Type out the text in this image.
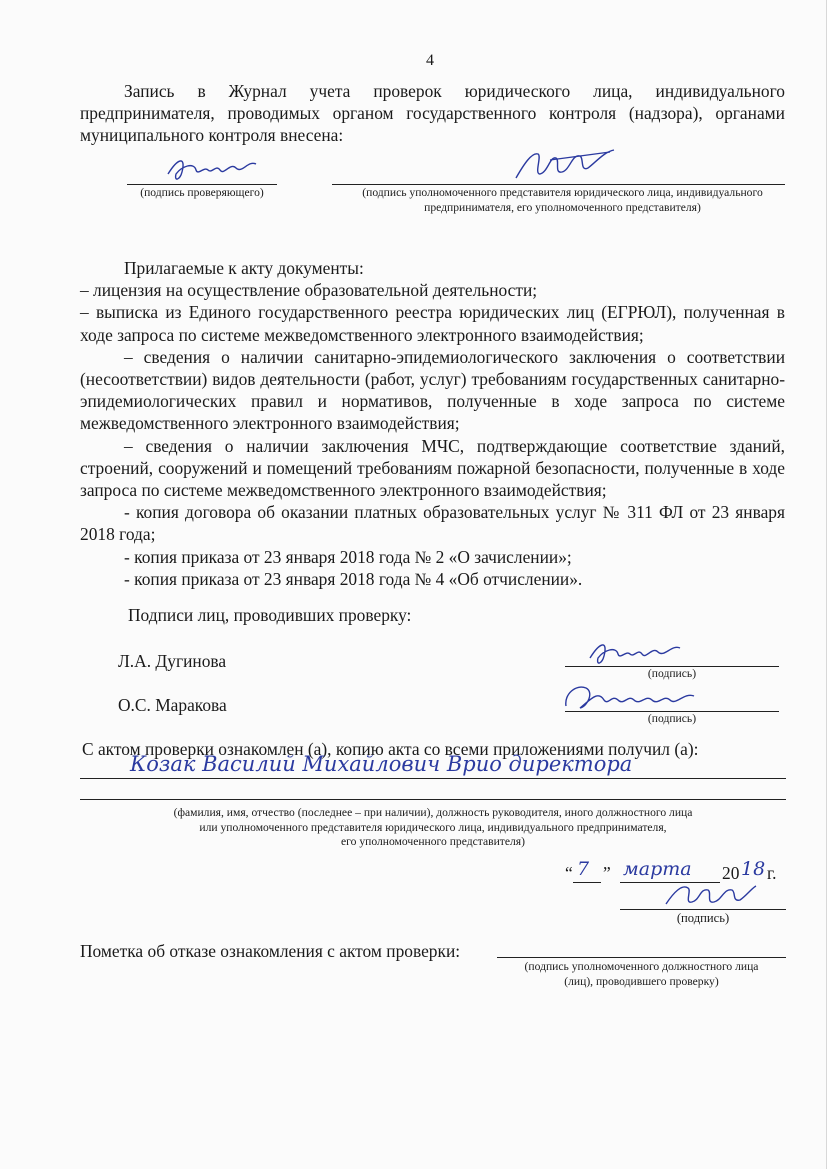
4

Запись в Журнал учета проверок юридического лица, индивидуального предпринимателя, проводимых органом государственного контроля (надзора), органами муниципального контроля внесена:

(подпись проверяющего)	(подпись уполномоченного представителя юридического лица, индивидуального предпринимателя, его уполномоченного представителя)

Прилагаемые к акту документы:

– лицензия на осуществление образовательной деятельности;

– выписка из Единого государственного реестра юридических лиц (ЕГРЮЛ), полученная в ходе запроса по системе межведомственного электронного взаимодействия;

– сведения о наличии санитарно-эпидемиологического заключения о соответствии (несоответствии) видов деятельности (работ, услуг) требованиям государственных санитарно-эпидемиологических правил и нормативов, полученные в ходе запроса по системе межведомственного электронного взаимодействия;

– сведения о наличии заключения МЧС, подтверждающие соответствие зданий, строений, сооружений и помещений требованиям пожарной безопасности, полученные в ходе запроса по системе межведомственного электронного взаимодействия;

- копия договора об оказании платных образовательных услуг № 311 ФЛ от 23 января 2018 года;

- копия приказа от 23 января 2018 года № 2 «О зачислении»;

- копия приказа от 23 января 2018 года № 4 «Об отчислении».

Подписи лиц, проводивших проверку:
Л.А. Дугинова
(подпись)
О.С. Маракова
(подпись)
С актом проверки ознакомлен (а), копию акта со всеми приложениями получил (а):
Козак Василий Михайлович Врио директора
(фамилия, имя, отчество (последнее – при наличии), должность руководителя, иного должностного лица
или уполномоченного представителя юридического лица, индивидуального предпринимателя,
его уполномоченного представителя)
“ 7 ” марта 20 18 г.
(подпись)
Пометка об отказе ознакомления с актом проверки:
(подпись уполномоченного должностного лица
(лиц), проводившего проверку)
